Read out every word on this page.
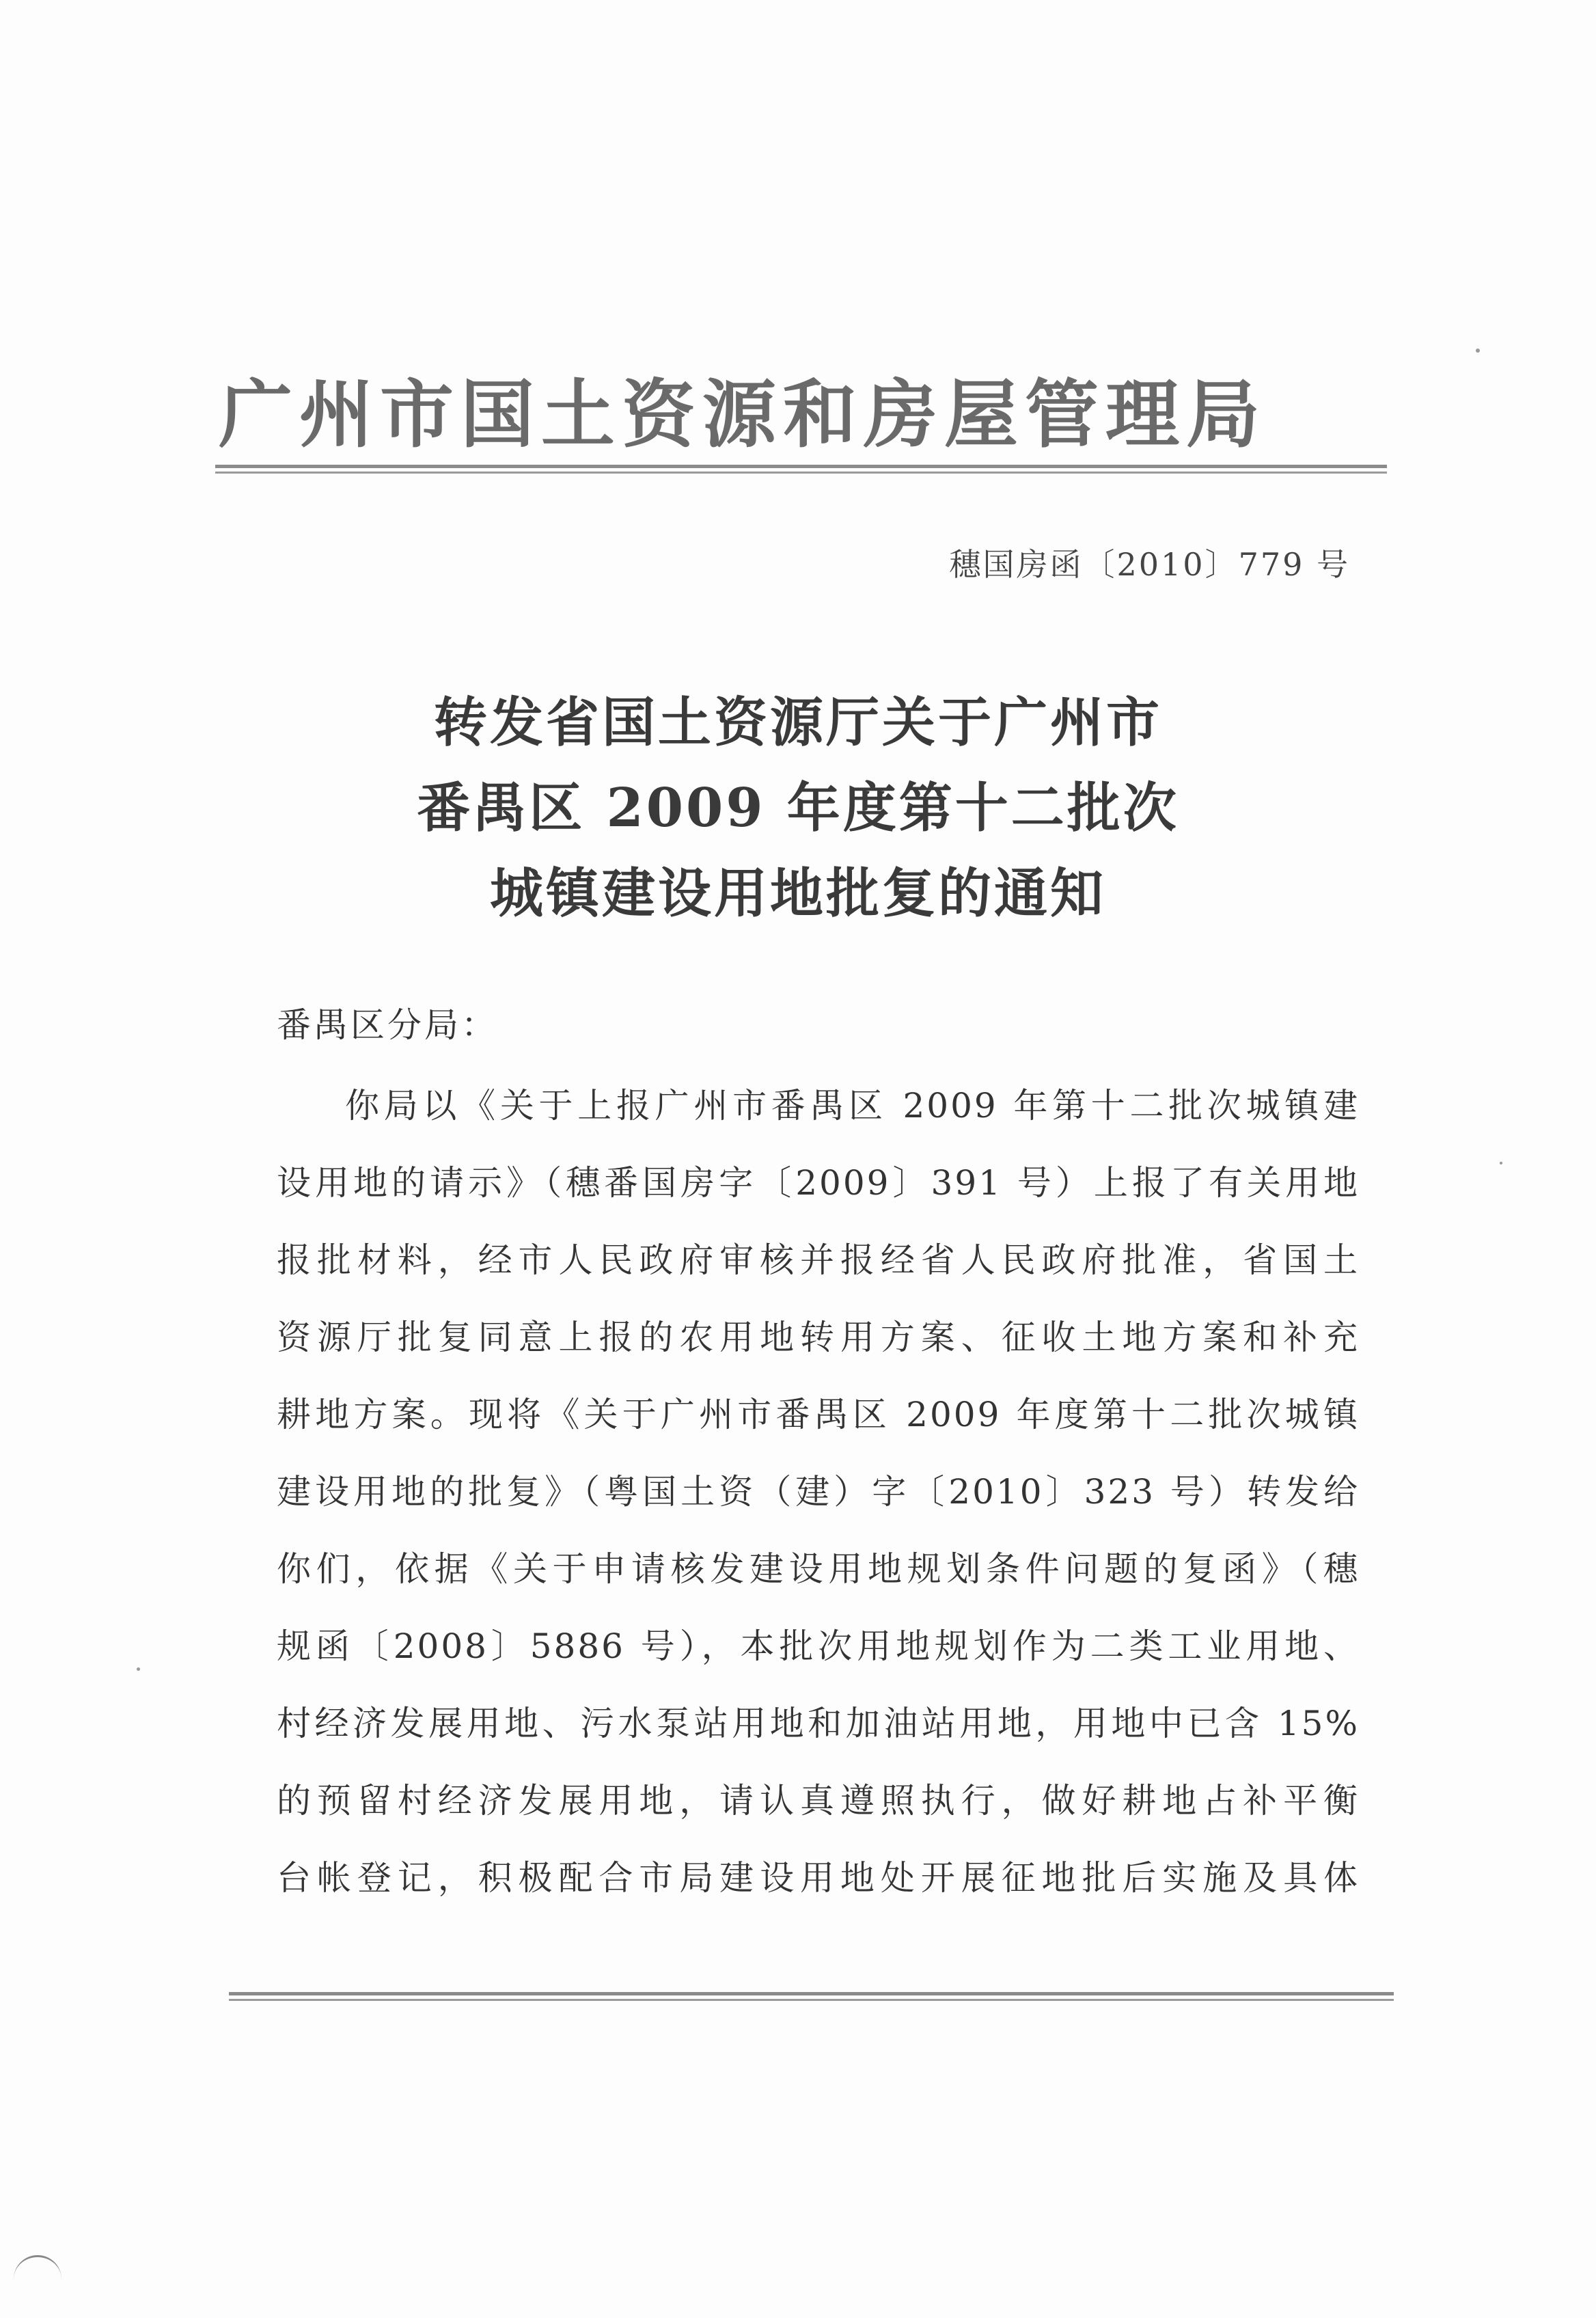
广州市国土资源和房屋管理局
穗国房函〔2010〕779 号
转发省国土资源厅关于广州市
番禺区 2009 年度第十二批次
城镇建设用地批复的通知
番禺区分局：
你局以《关于上报广州市番禺区 2009 年第十二批次城镇建
设用地的请示》（穗番国房字〔2009〕391 号）上报了有关用地
报批材料，经市人民政府审核并报经省人民政府批准，省国土
资源厅批复同意上报的农用地转用方案、征收土地方案和补充
耕地方案。现将《关于广州市番禺区 2009 年度第十二批次城镇
建设用地的批复》（粤国土资（建）字〔2010〕323 号）转发给
你们，依据《关于申请核发建设用地规划条件问题的复函》（穗
规函〔2008〕5886 号），本批次用地规划作为二类工业用地、
村经济发展用地、污水泵站用地和加油站用地，用地中已含 15%
的预留村经济发展用地，请认真遵照执行，做好耕地占补平衡
台帐登记，积极配合市局建设用地处开展征地批后实施及具体
